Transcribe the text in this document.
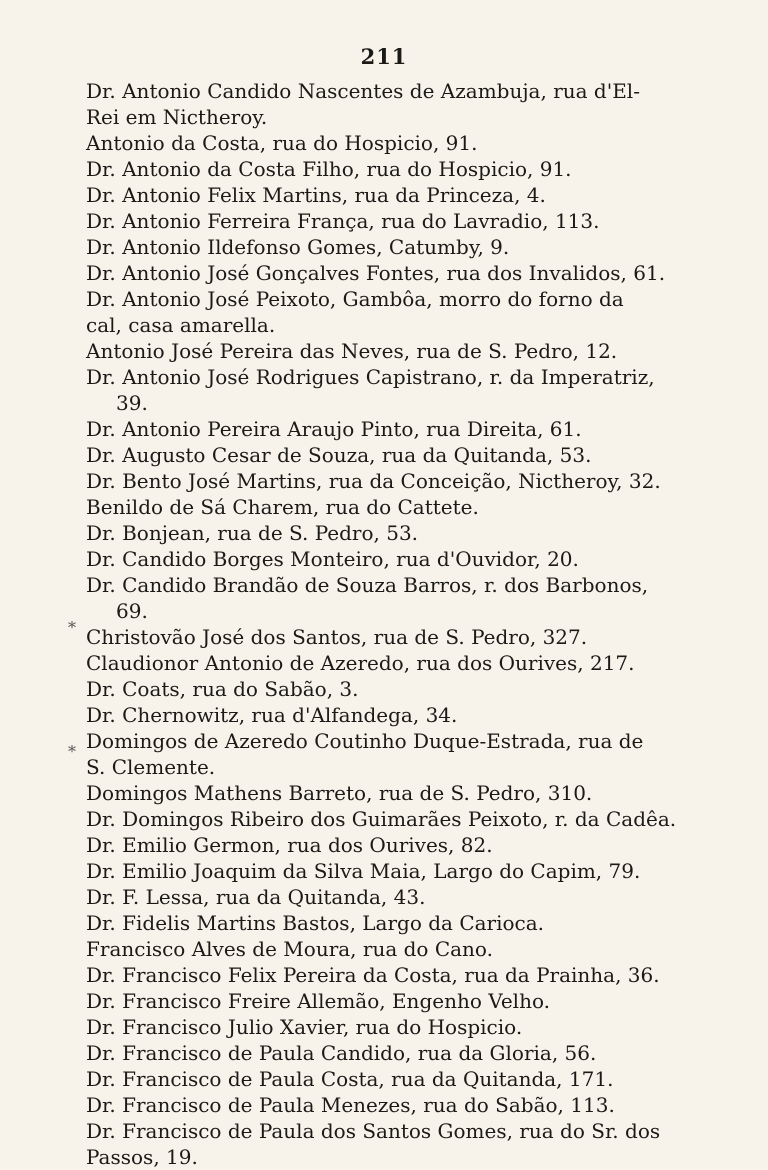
211
*
*
Dr. Antonio Candido Nascentes de Azambuja, rua d'El-
Rei em Nictheroy.
Antonio da Costa, rua do Hospicio, 91.
Dr. Antonio da Costa Filho, rua do Hospicio, 91.
Dr. Antonio Felix Martins, rua da Princeza, 4.
Dr. Antonio Ferreira França, rua do Lavradio, 113.
Dr. Antonio Ildefonso Gomes, Catumby, 9.
Dr. Antonio José Gonçalves Fontes, rua dos Invalidos, 61.
Dr. Antonio José Peixoto, Gambôa, morro do forno da
cal, casa amarella.
Antonio José Pereira das Neves, rua de S. Pedro, 12.
Dr. Antonio José Rodrigues Capistrano, r. da Imperatriz, 39.
Dr. Antonio Pereira Araujo Pinto, rua Direita, 61.
Dr. Augusto Cesar de Souza, rua da Quitanda, 53.
Dr. Bento José Martins, rua da Conceição, Nictheroy, 32.
Benildo de Sá Charem, rua do Cattete.
Dr. Bonjean, rua de S. Pedro, 53.
Dr. Candido Borges Monteiro, rua d'Ouvidor, 20.
Dr. Candido Brandão de Souza Barros, r. dos Barbonos, 69.
Christovão José dos Santos, rua de S. Pedro, 327.
Claudionor Antonio de Azeredo, rua dos Ourives, 217.
Dr. Coats, rua do Sabão, 3.
Dr. Chernowitz, rua d'Alfandega, 34.
Domingos de Azeredo Coutinho Duque-Estrada, rua de
S. Clemente.
Domingos Mathens Barreto, rua de S. Pedro, 310.
Dr. Domingos Ribeiro dos Guimarães Peixoto, r. da Cadêa.
Dr. Emilio Germon, rua dos Ourives, 82.
Dr. Emilio Joaquim da Silva Maia, Largo do Capim, 79.
Dr. F. Lessa, rua da Quitanda, 43.
Dr. Fidelis Martins Bastos, Largo da Carioca.
Francisco Alves de Moura, rua do Cano.
Dr. Francisco Felix Pereira da Costa, rua da Prainha, 36.
Dr. Francisco Freire Allemão, Engenho Velho.
Dr. Francisco Julio Xavier, rua do Hospicio.
Dr. Francisco de Paula Candido, rua da Gloria, 56.
Dr. Francisco de Paula Costa, rua da Quitanda, 171.
Dr. Francisco de Paula Menezes, rua do Sabão, 113.
Dr. Francisco de Paula dos Santos Gomes, rua do Sr. dos
Passos, 19.
